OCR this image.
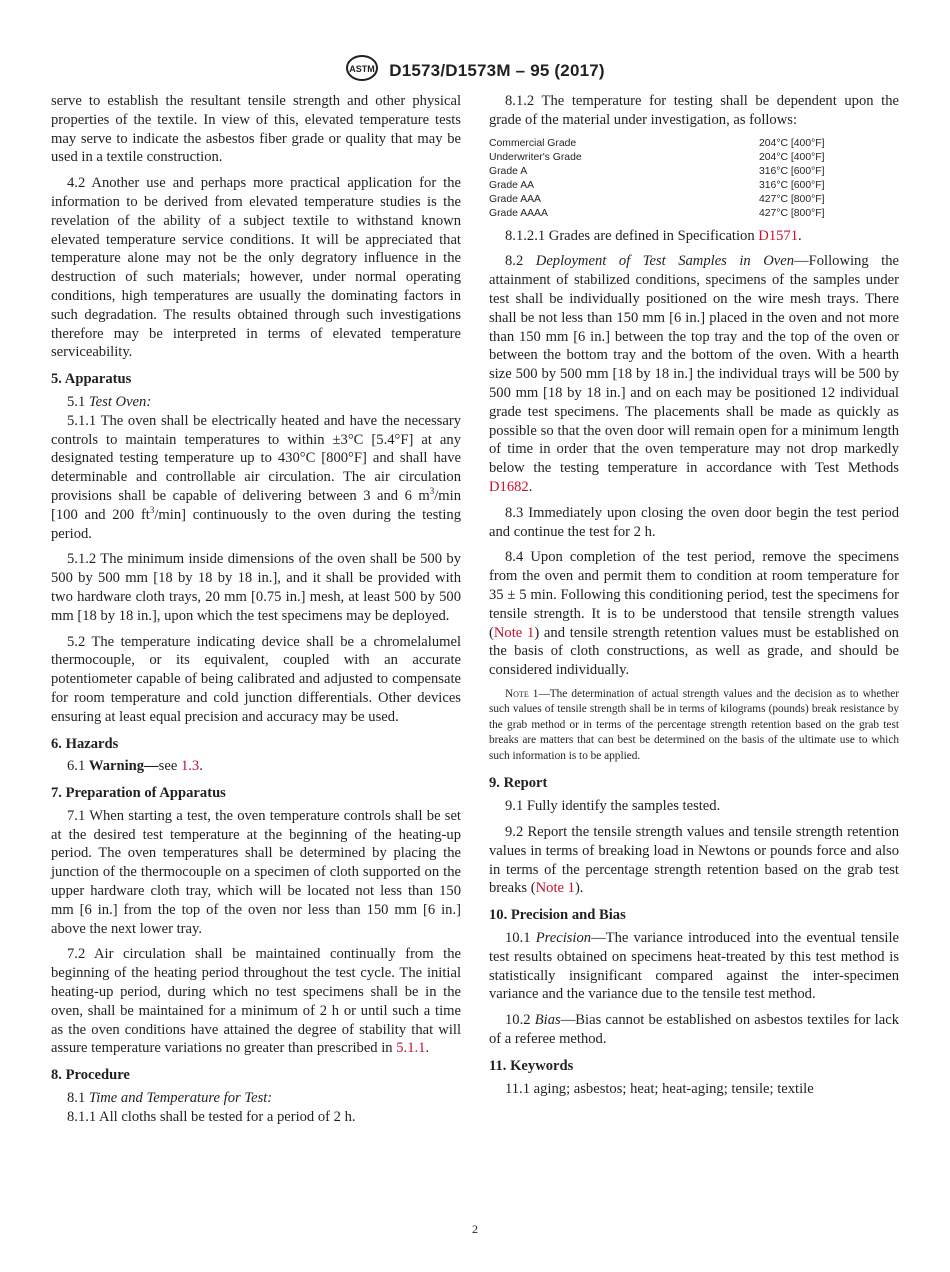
ASTM D1573/D1573M – 95 (2017)

serve to establish the resultant tensile strength and other physical properties of the textile. In view of this, elevated temperature tests may serve to indicate the asbestos fiber grade or quality that may be used in a textile construction.

4.2 Another use and perhaps more practical application for the information to be derived from elevated temperature studies is the revelation of the ability of a subject textile to withstand known elevated temperature service conditions. It will be appreciated that temperature alone may not be the only degratory influence in the destruction of such materials; however, under normal operating conditions, high temperatures are usually the dominating factors in such degradation. The results obtained through such investigations therefore may be interpreted in terms of elevated temperature serviceability.

5. Apparatus

5.1 Test Oven:

5.1.1 The oven shall be electrically heated and have the necessary controls to maintain temperatures to within ±3°C [5.4°F] at any designated testing temperature up to 430°C [800°F] and shall have determinable and controllable air circulation. The air circulation provisions shall be capable of delivering between 3 and 6 $m^3/\min$ [100 and 200 $ft^3/\min$] continuously to the oven during the testing period.

5.1.2 The minimum inside dimensions of the oven shall be 500 by 500 by 500 mm [18 by 18 by 18 in.], and it shall be provided with two hardware cloth trays, 20 mm [0.75 in.] mesh, at least 500 by 500 mm [18 by 18 in.], upon which the test specimens may be deployed.

5.2 The temperature indicating device shall be a chromelalumel thermocouple, or its equivalent, coupled with an accurate potentiometer capable of being calibrated and adjusted to compensate for room temperature and cold junction differentials. Other devices ensuring at least equal precision and accuracy may be used.

6. Hazards

6.1 Warning—see 1.3.

7. Preparation of Apparatus

7.1 When starting a test, the oven temperature controls shall be set at the desired test temperature at the beginning of the heating-up period. The oven temperatures shall be determined by placing the junction of the thermocouple on a specimen of cloth supported on the upper hardware cloth tray, which will be located not less than 150 mm [6 in.] from the top of the oven nor less than 150 mm [6 in.] above the next lower tray.

7.2 Air circulation shall be maintained continually from the beginning of the heating period throughout the test cycle. The initial heating-up period, during which no test specimens shall be in the oven, shall be maintained for a minimum of 2 h or until such a time as the oven conditions have attained the degree of stability that will assure temperature variations no greater than prescribed in 5.1.1.

8. Procedure

8.1 Time and Temperature for Test:

8.1.1 All cloths shall be tested for a period of 2 h.

8.1.2 The temperature for testing shall be dependent upon the grade of the material under investigation, as follows:

Commercial Grade	204°C [400°F]
Underwriter's Grade	204°C [400°F]
Grade A	316°C [600°F]
Grade AA	316°C [600°F]
Grade AAA	427°C [800°F]
Grade AAAA	427°C [800°F]

8.1.2.1 Grades are defined in Specification D1571.

8.2 Deployment of Test Samples in Oven—Following the attainment of stabilized conditions, specimens of the samples under test shall be individually positioned on the wire mesh trays. There shall be not less than 150 mm [6 in.] placed in the oven and not more than 150 mm [6 in.] between the top tray and the top of the oven or between the bottom tray and the bottom of the oven. With a hearth size 500 by 500 mm [18 by 18 in.] the individual trays will be 500 by 500 mm [18 by 18 in.] and on each may be positioned 12 individual grade test specimens. The placements shall be made as quickly as possible so that the oven door will remain open for a minimum length of time in order that the oven temperature may not drop markedly below the testing temperature in accordance with Test Methods D1682.

8.3 Immediately upon closing the oven door begin the test period and continue the test for 2 h.

8.4 Upon completion of the test period, remove the specimens from the oven and permit them to condition at room temperature for 35 ± 5 min. Following this conditioning period, test the specimens for tensile strength. It is to be understood that tensile strength values (Note 1) and tensile strength retention values must be established on the basis of cloth constructions, as well as grade, and should be considered individually.

Note 1—The determination of actual strength values and the decision as to whether such values of tensile strength shall be in terms of kilograms (pounds) break resistance by the grab method or in terms of the percentage strength retention based on the grab test breaks are matters that can best be determined on the basis of the ultimate use to which such information is to be applied.
9. Report

9.1 Fully identify the samples tested.

9.2 Report the tensile strength values and tensile strength retention values in terms of breaking load in Newtons or pounds force and also in terms of the percentage strength retention based on the grab test breaks (Note 1).

10. Precision and Bias

10.1 Precision—The variance introduced into the eventual tensile test results obtained on specimens heat-treated by this test method is statistically insignificant compared against the inter-specimen variance and the variance due to the tensile test method.

10.2 Bias—Bias cannot be established on asbestos textiles for lack of a referee method.

11. Keywords

11.1 aging; asbestos; heat; heat-aging; tensile; textile

2
